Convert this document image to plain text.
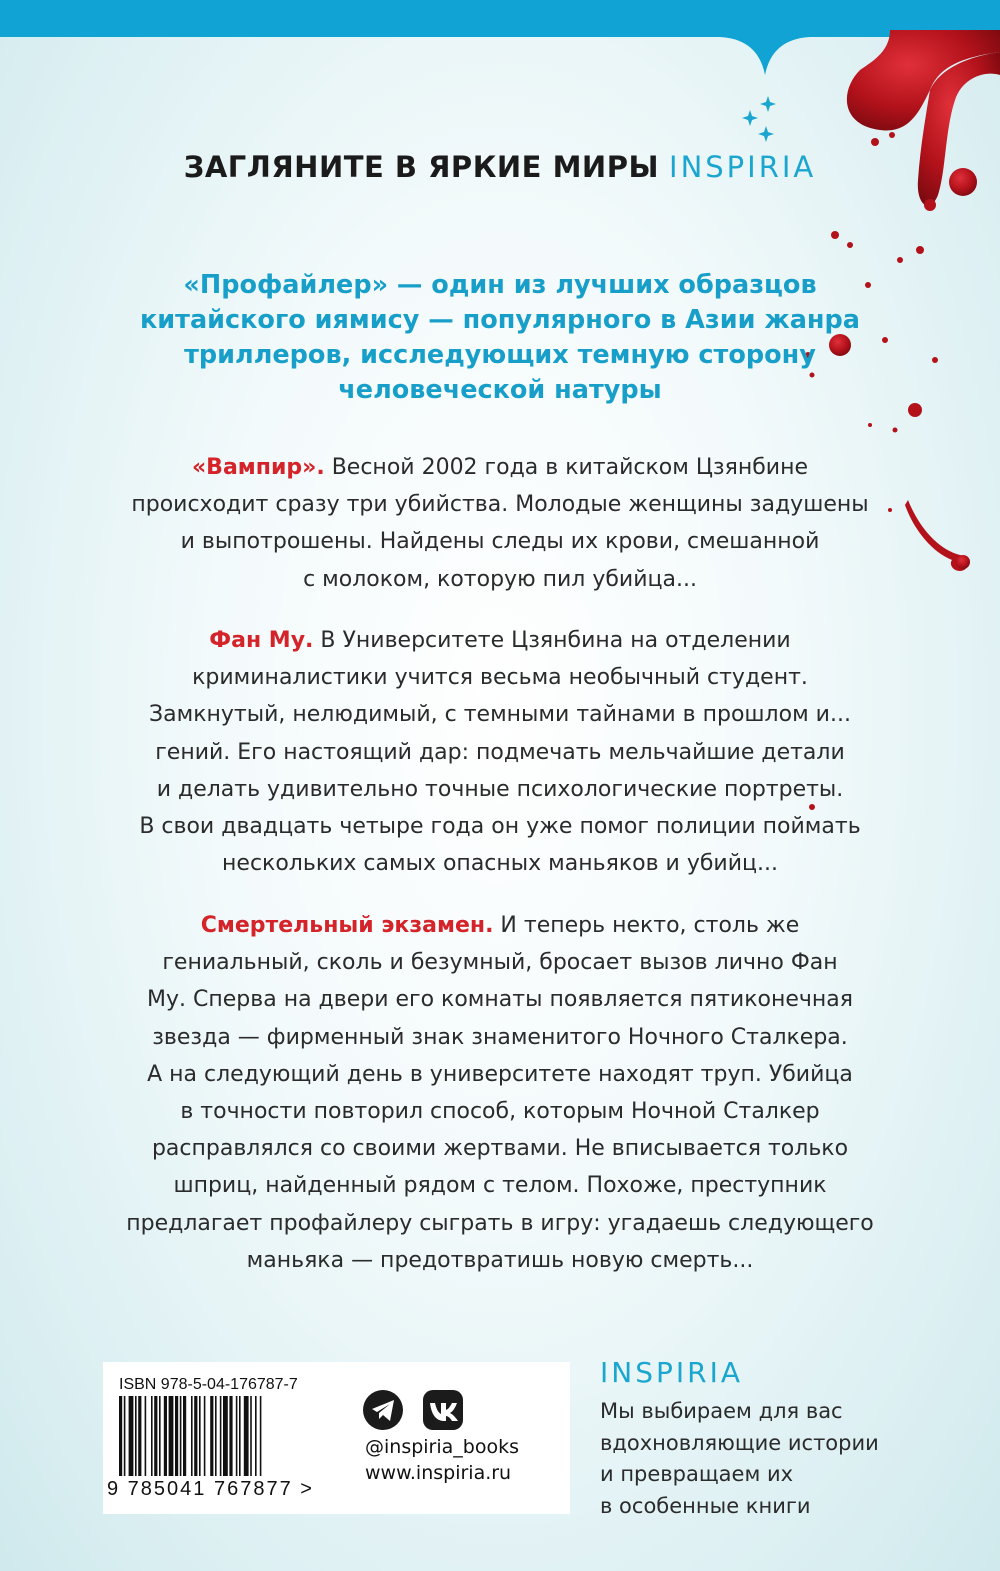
ЗАГЛЯНИТЕ В ЯРКИЕ МИРЫ INSPIRIA
«Профайлер» — один из лучших образцов
китайского иямису — популярного в Азии жанра
триллеров, исследующих темную сторону
человеческой натуры
«Вампир». Весной 2002 года в китайском Цзянбине
происходит сразу три убийства. Молодые женщины задушены
и выпотрошены. Найдены следы их крови, смешанной
с молоком, которую пил убийца...
Фан Му. В Университете Цзянбина на отделении
криминалистики учится весьма необычный студент.
Замкнутый, нелюдимый, с темными тайнами в прошлом и...
гений. Его настоящий дар: подмечать мельчайшие детали
и делать удивительно точные психологические портреты.
В свои двадцать четыре года он уже помог полиции поймать
нескольких самых опасных маньяков и убийц...
Смертельный экзамен. И теперь некто, столь же
гениальный, сколь и безумный, бросает вызов лично Фан
Му. Сперва на двери его комнаты появляется пятиконечная
звезда — фирменный знак знаменитого Ночного Сталкера.
А на следующий день в университете находят труп. Убийца
в точности повторил способ, которым Ночной Сталкер
расправлялся со своими жертвами. Не вписывается только
шприц, найденный рядом с телом. Похоже, преступник
предлагает профайлеру сыграть в игру: угадаешь следующего
маньяка — предотвратишь новую смерть...
ISBN 978-5-04-176787-7
9 785041 767877 >
@inspiria_books
www.inspiria.ru
INSPIRIA
Мы выбираем для вас
вдохновляющие истории
и превращаем их
в особенные книги
